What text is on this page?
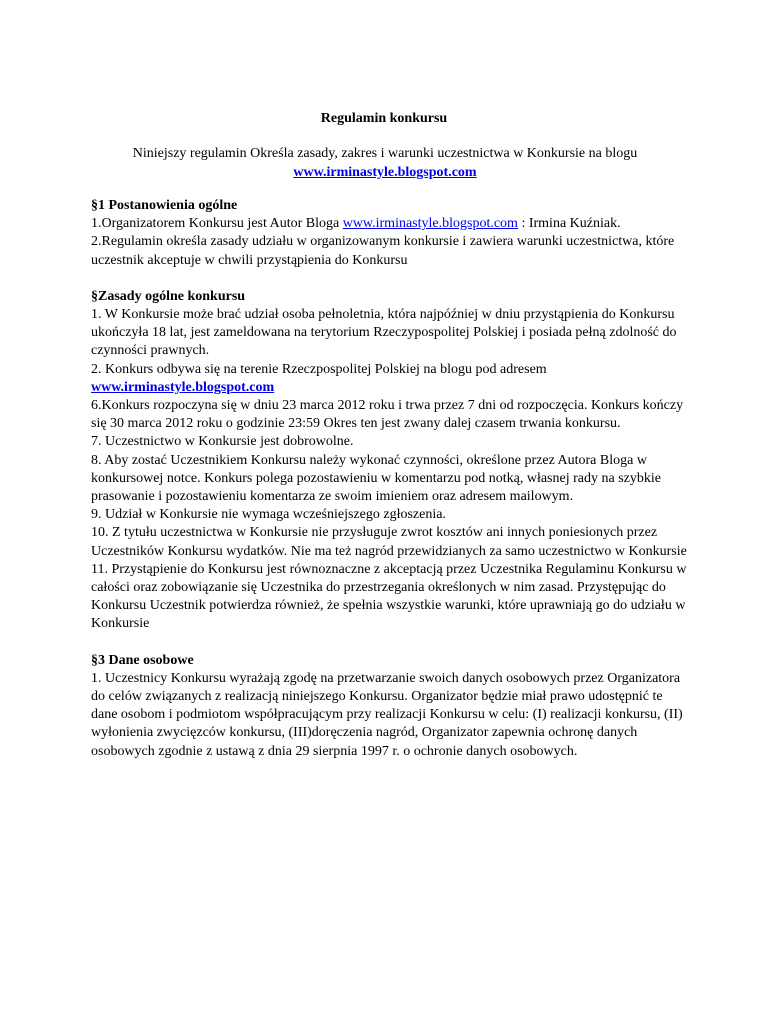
Regulamin konkursu
Niniejszy regulamin Określa zasady, zakres i warunki uczestnictwa w Konkursie na blogu
www.irminastyle.blogspot.com

§1 Postanowienia ogólne

1.Organizatorem Konkursu jest Autor Bloga www.irminastyle.blogspot.com : Irmina Kuźniak.

2.Regulamin określa zasady udziału w organizowanym konkursie i zawiera warunki uczestnictwa, które uczestnik akceptuje w chwili przystąpienia do Konkursu

§Zasady ogólne konkursu

1. W Konkursie może brać udział osoba pełnoletnia, która najpóźniej w dniu przystąpienia do Konkursu ukończyła 18 lat, jest zameldowana na terytorium Rzeczypospolitej Polskiej i posiada pełną zdolność do czynności prawnych.

2. Konkurs odbywa się na terenie Rzeczpospolitej Polskiej na blogu pod adresem
www.irminastyle.blogspot.com

6.Konkurs rozpoczyna się w dniu 23 marca 2012 roku i trwa przez 7 dni od rozpoczęcia. Konkurs kończy się 30 marca 2012 roku o godzinie 23:59 Okres ten jest zwany dalej czasem trwania konkursu.

7. Uczestnictwo w Konkursie jest dobrowolne.

8. Aby zostać Uczestnikiem Konkursu należy wykonać czynności, określone przez Autora Bloga w konkursowej notce. Konkurs polega pozostawieniu w komentarzu pod notką, własnej rady na szybkie prasowanie i pozostawieniu komentarza ze swoim imieniem oraz adresem mailowym.

9. Udział w Konkursie nie wymaga wcześniejszego zgłoszenia.

10. Z tytułu uczestnictwa w Konkursie nie przysługuje zwrot kosztów ani innych poniesionych przez Uczestników Konkursu wydatków. Nie ma też nagród przewidzianych za samo uczestnictwo w Konkursie

11. Przystąpienie do Konkursu jest równoznaczne z akceptacją przez Uczestnika Regulaminu Konkursu w całości oraz zobowiązanie się Uczestnika do przestrzegania określonych w nim zasad. Przystępując do Konkursu Uczestnik potwierdza również, że spełnia wszystkie warunki, które uprawniają go do udziału w Konkursie

§3 Dane osobowe

1. Uczestnicy Konkursu wyrażają zgodę na przetwarzanie swoich danych osobowych przez Organizatora do celów związanych z realizacją niniejszego Konkursu. Organizator będzie miał prawo udostępnić te dane osobom i podmiotom współpracującym przy realizacji Konkursu w celu: (I) realizacji konkursu, (II) wyłonienia zwycięzców konkursu, (III)doręczenia nagród, Organizator zapewnia ochronę danych osobowych zgodnie z ustawą z dnia 29 sierpnia 1997 r. o ochronie danych osobowych.
